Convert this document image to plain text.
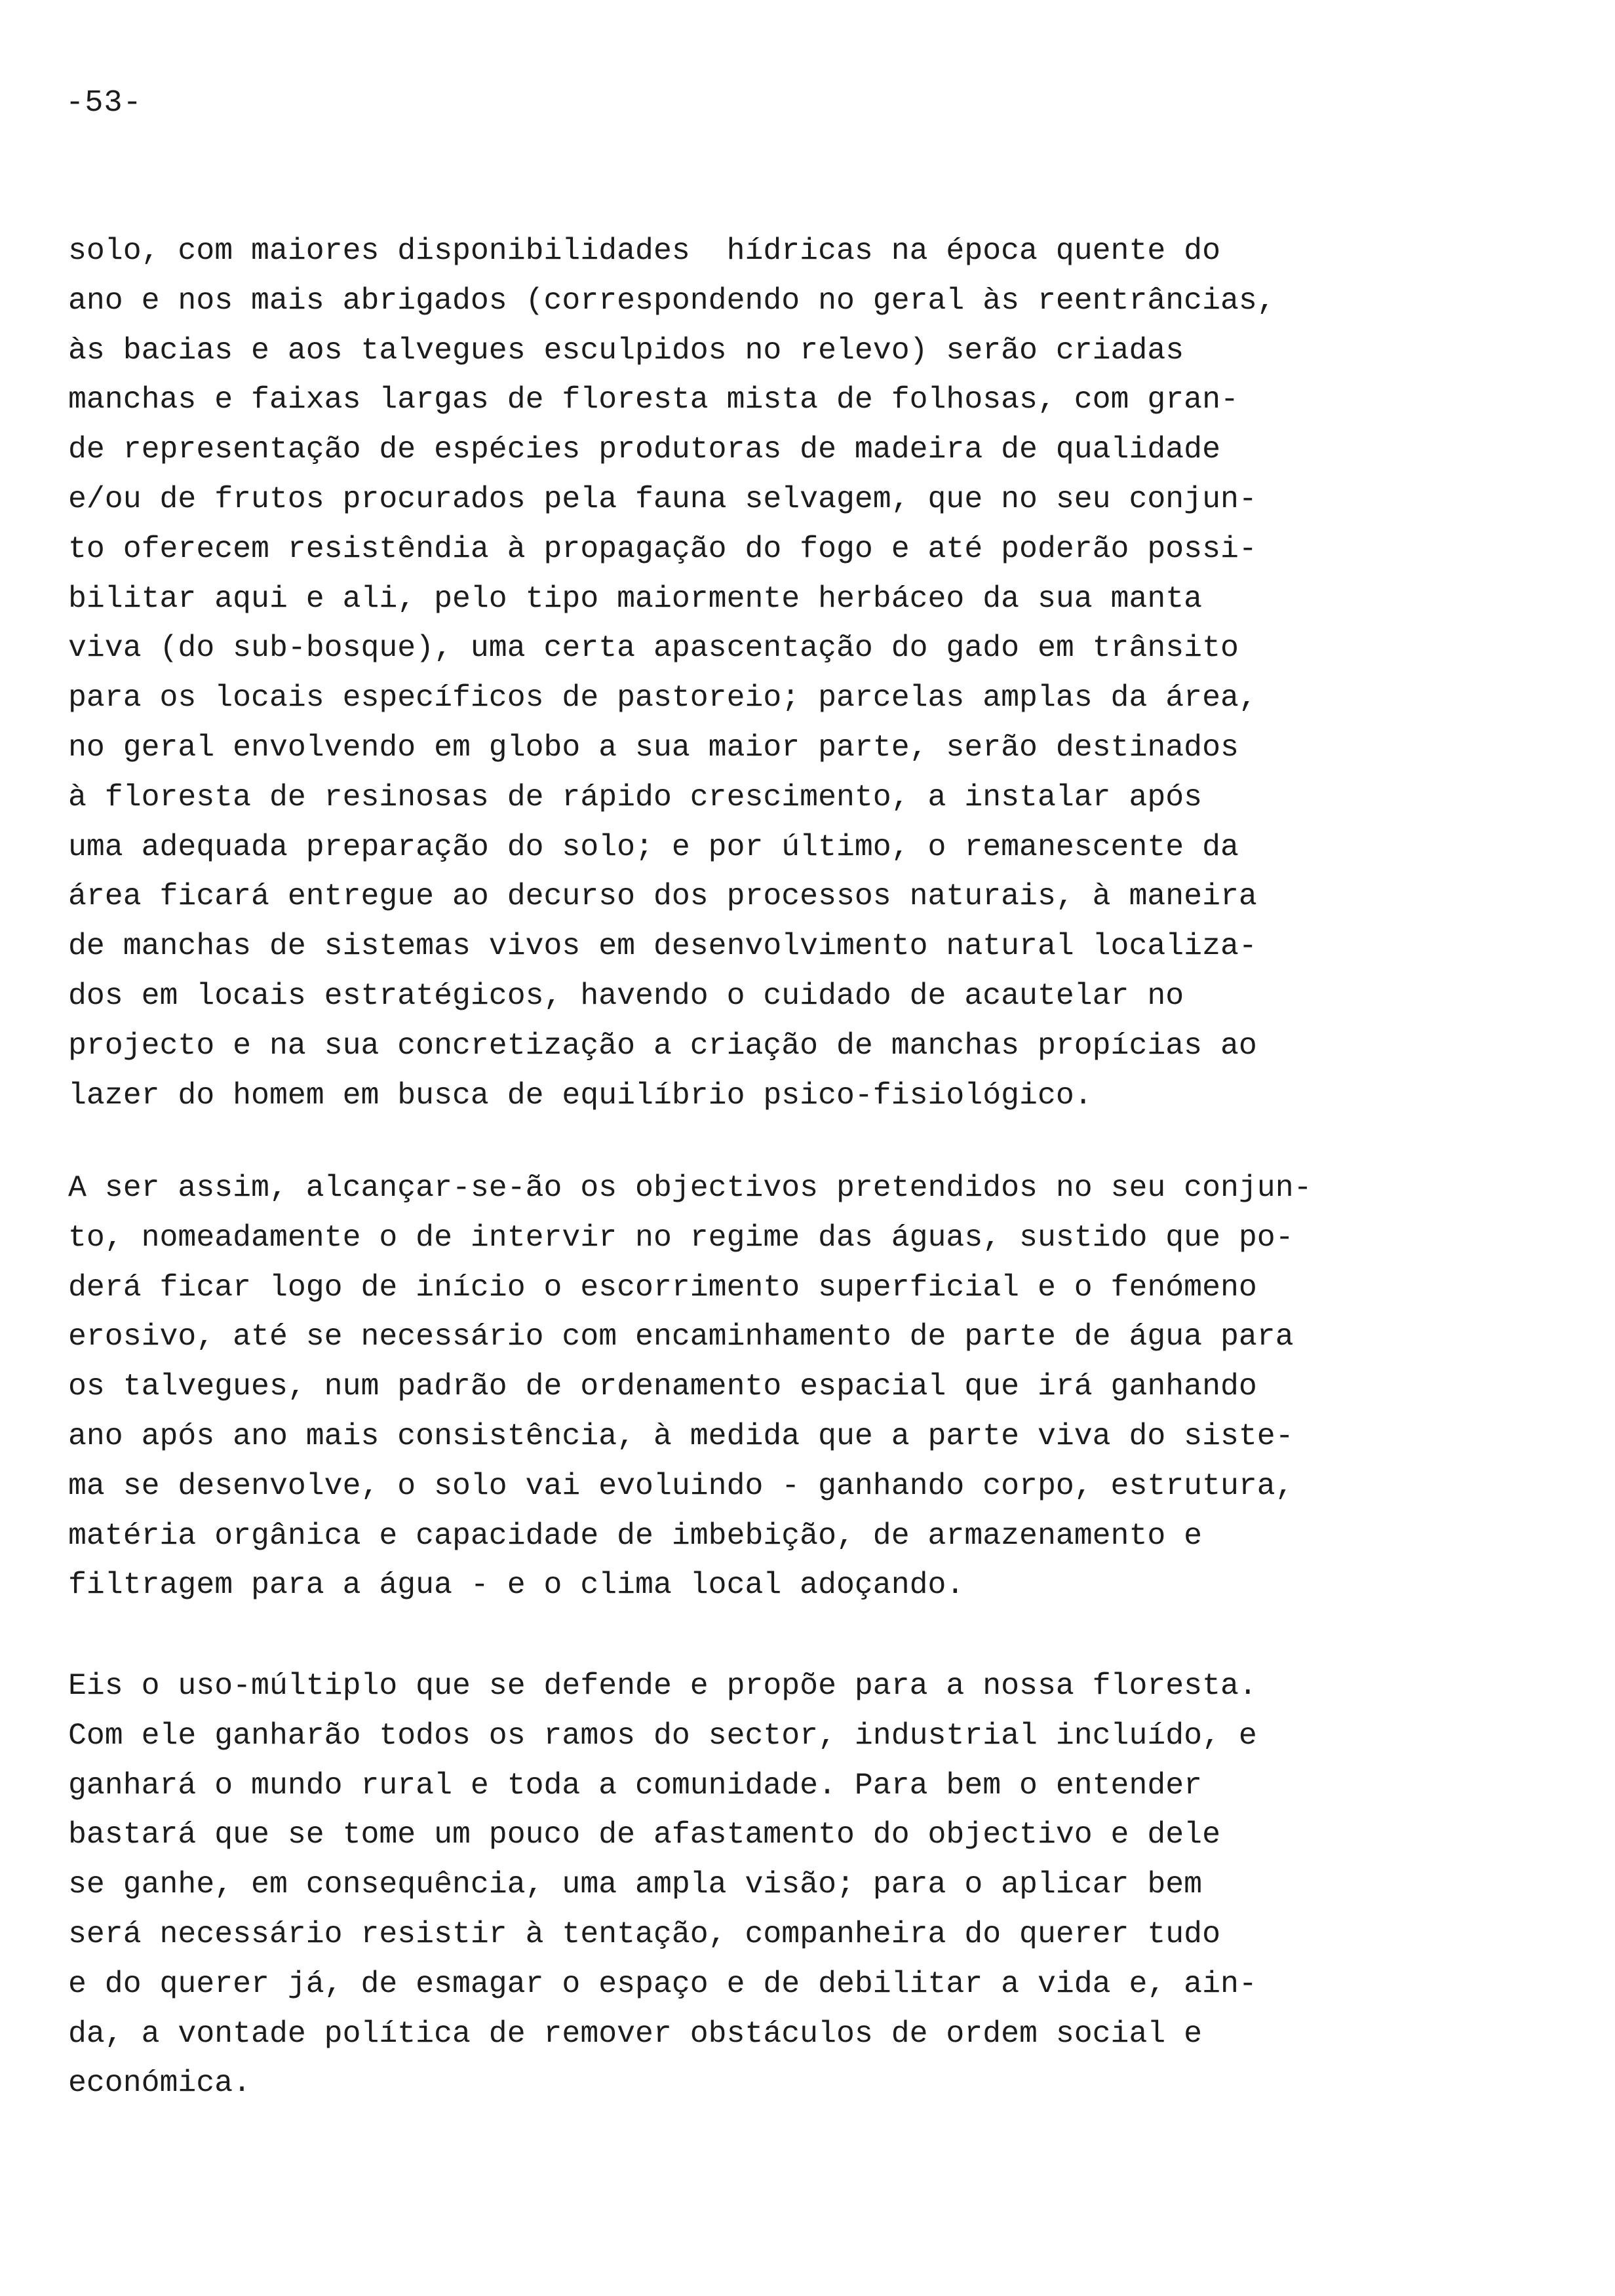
-53-
solo, com maiores disponibilidades  hídricas na época quente do
ano e nos mais abrigados (correspondendo no geral às reentrâncias,
às bacias e aos talvegues esculpidos no relevo) serão criadas
manchas e faixas largas de floresta mista de folhosas, com gran-
de representação de espécies produtoras de madeira de qualidade
e/ou de frutos procurados pela fauna selvagem, que no seu conjun-
to oferecem resistêndia à propagação do fogo e até poderão possi-
bilitar aqui e ali, pelo tipo maiormente herbáceo da sua manta
viva (do sub-bosque), uma certa apascentação do gado em trânsito
para os locais específicos de pastoreio; parcelas amplas da área,
no geral envolvendo em globo a sua maior parte, serão destinados
à floresta de resinosas de rápido crescimento, a instalar após
uma adequada preparação do solo; e por último, o remanescente da
área ficará entregue ao decurso dos processos naturais, à maneira
de manchas de sistemas vivos em desenvolvimento natural localiza-
dos em locais estratégicos, havendo o cuidado de acautelar no
projecto e na sua concretização a criação de manchas propícias ao
lazer do homem em busca de equilíbrio psico-fisiológico.
A ser assim, alcançar-se-ão os objectivos pretendidos no seu conjun-
to, nomeadamente o de intervir no regime das águas, sustido que po-
derá ficar logo de início o escorrimento superficial e o fenómeno
erosivo, até se necessário com encaminhamento de parte de água para
os talvegues, num padrão de ordenamento espacial que irá ganhando
ano após ano mais consistência, à medida que a parte viva do siste-
ma se desenvolve, o solo vai evoluindo - ganhando corpo, estrutura,
matéria orgânica e capacidade de imbebição, de armazenamento e
filtragem para a água - e o clima local adoçando.
Eis o uso-múltiplo que se defende e propõe para a nossa floresta.
Com ele ganharão todos os ramos do sector, industrial incluído, e
ganhará o mundo rural e toda a comunidade. Para bem o entender
bastará que se tome um pouco de afastamento do objectivo e dele
se ganhe, em consequência, uma ampla visão; para o aplicar bem
será necessário resistir à tentação, companheira do querer tudo
e do querer já, de esmagar o espaço e de debilitar a vida e, ain-
da, a vontade política de remover obstáculos de ordem social e
económica.
